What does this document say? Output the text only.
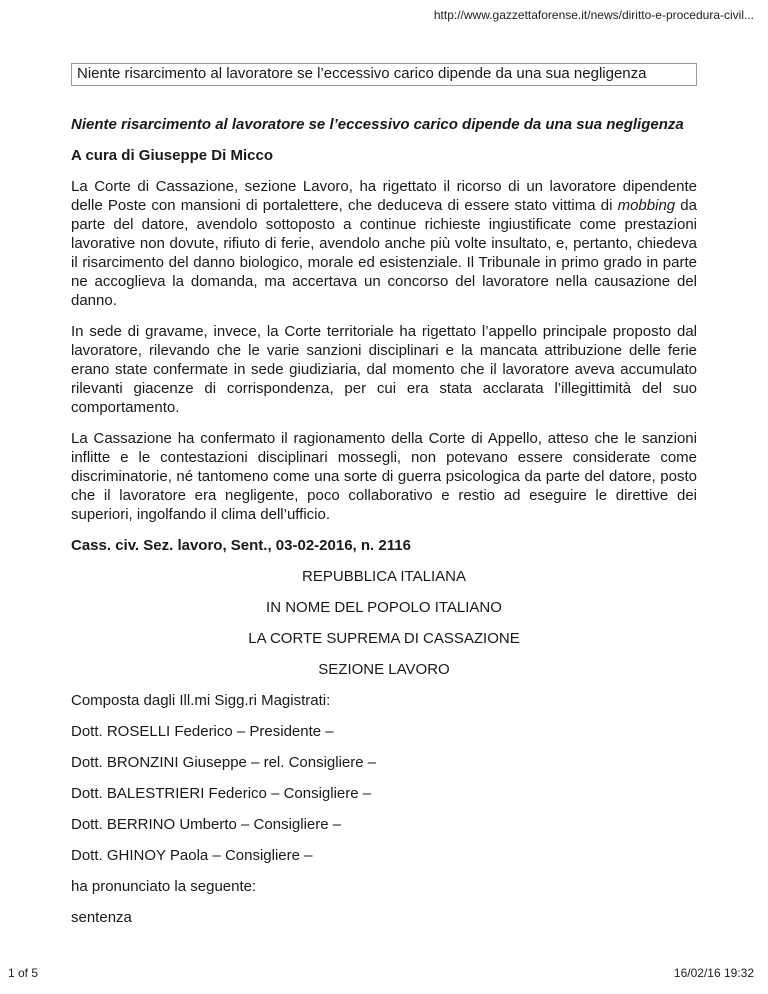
http://www.gazzettaforense.it/news/diritto-e-procedura-civil...
Niente risarcimento al lavoratore se l’eccessivo carico dipende da una sua negligenza
Niente risarcimento al lavoratore se l’eccessivo carico dipende da una sua negligenza
A cura di Giuseppe Di Micco
La Corte di Cassazione, sezione Lavoro, ha rigettato il ricorso di un lavoratore dipendente delle Poste con mansioni di portalettere, che deduceva di essere stato vittima di mobbing da parte del datore, avendolo sottoposto a continue richieste ingiustificate come prestazioni lavorative non dovute, rifiuto di ferie, avendolo anche più volte insultato, e, pertanto, chiedeva il risarcimento del danno biologico, morale ed esistenziale. Il Tribunale in primo grado in parte ne accoglieva la domanda, ma accertava un concorso del lavoratore nella causazione del danno.
In sede di gravame, invece, la Corte territoriale ha rigettato l’appello principale proposto dal lavoratore, rilevando che le varie sanzioni disciplinari e la mancata attribuzione delle ferie erano state confermate in sede giudiziaria, dal momento che il lavoratore aveva accumulato rilevanti giacenze di corrispondenza, per cui era stata acclarata l’illegittimità del suo comportamento.
La Cassazione ha confermato il ragionamento della Corte di Appello, atteso che le sanzioni inflitte e le contestazioni disciplinari mossegli, non potevano essere considerate come discriminatorie, né tantomeno come una sorte di guerra psicologica da parte del datore, posto che il lavoratore era negligente, poco collaborativo e restio ad eseguire le direttive dei superiori, ingolfando il clima dell’ufficio.
Cass. civ. Sez. lavoro, Sent., 03-02-2016, n. 2116
REPUBBLICA ITALIANA
IN NOME DEL POPOLO ITALIANO
LA CORTE SUPREMA DI CASSAZIONE
SEZIONE LAVORO
Composta dagli Ill.mi Sigg.ri Magistrati:
Dott. ROSELLI Federico – Presidente –
Dott. BRONZINI Giuseppe – rel. Consigliere –
Dott. BALESTRIERI Federico – Consigliere –
Dott. BERRINO Umberto – Consigliere –
Dott. GHINOY Paola – Consigliere –
ha pronunciato la seguente:
sentenza
1 of 5	16/02/16 19:32
